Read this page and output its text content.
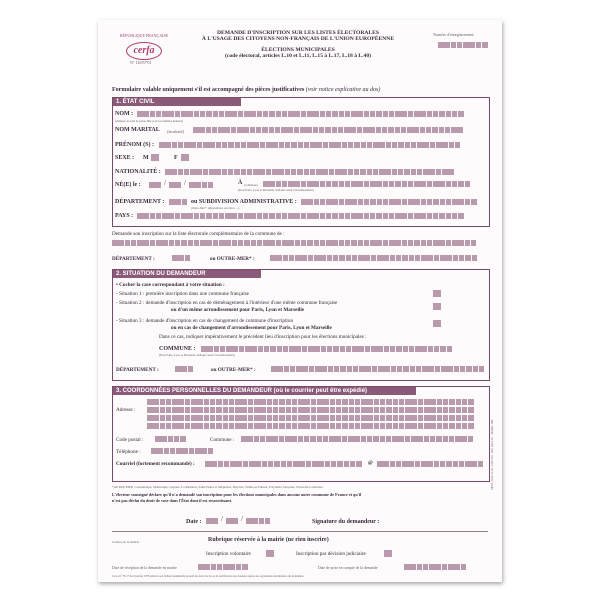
RÉPUBLIQUE FRANÇAISE
cerfa
N° 12670*01
DEMANDE D'INSCRIPTION SUR LES LISTES ÉLECTORALES
À L'USAGE DES CITOYENS NON-FRANÇAIS DE L'UNION EUROPÉENNE
ÉLECTIONS MUNICIPALES
(code électoral, articles L.10 et L.11, L.15 à L.17, L.18 à L.40)
Numéro d'enregistrement
Formulaire valable uniquement s'il est accompagné des pièces justificatives (voir notice explicative au dos)
1. ÉTAT CIVIL
NOM :
(indiquer le nom de jeune fille pour les femmes mariées)
NOM MARITAL (facultatif)
PRÉNOM (S) :
SEXE : M	F
NATIONALITÉ :
NÉ(E) le :	/	/	À (commune)
(Pour Paris, Lyon et Marseille, indiquer aussi l'arrondissement)
DÉPARTEMENT :	ou SUBDIVISION ADMINISTRATIVE :
(Outre-Mer*, département, province, ...)
PAYS :
Demande son inscription sur la liste électorale complémentaire de la commune de :
DÉPARTEMENT :	ou OUTRE-MER* :
2. SITUATION DU DEMANDEUR
• Cocher la case correspondant à votre situation :
- Situation 1 : première inscription dans une commune française
- Situation 2 : demande d'inscription en cas de déménagement à l'intérieur d'une même commune française
ou d'un même arrondissement pour Paris, Lyon et Marseille
- Situation 3 : demande d'inscription en cas de changement de commune d'inscription
ou en cas de changement d'arrondissement pour Paris, Lyon et Marseille
Dans ce cas, indiquer impérativement le précédent lieu d'inscription pour les élections municipales :
COMMUNE :
(Pour Paris, Lyon et Marseille, indiquer aussi l'arrondissement)
DÉPARTEMENT :	ou OUTRE-MER* :
3. COORDONNÉES PERSONNELLES DU DEMANDEUR (où le courrier peut être expédié)
Adresse :
Code postal :	Commune :
Téléphone :
Courriel (fortement recommandé) :	@
*OUTRE-MER : Guadeloupe, Martinique, Guyane, La Réunion, Saint-Pierre et Miquelon, Mayotte, Wallis-et-Futuna, Polynésie française, Nouvelle-Calédonie.
L'électeur soussigné déclare qu'il n'a demandé son inscription pour les élections municipales dans aucune autre commune de France et qu'il
n'est pas déchu du droit de vote dans l'État dont il est ressortissant.
Date :	/	/	Signature du demandeur :
Cachet de la mairie	Rubrique réservée à la mairie (ne rien inscrire)
Inscription volontaire	Inscription par décision judiciaire
Date de réception de la demande en mairie	Date de prise en compte de la demande
La loi n° 78-17 du 6 janvier 1978 relative aux fichiers nominatifs garantit un droit d'accès et de rectification des données auprès des organismes destinataires du formulaire.
MOD. 2012-11-01-1 (09-10) · Réf. 2012-01 · Modèle 10B
